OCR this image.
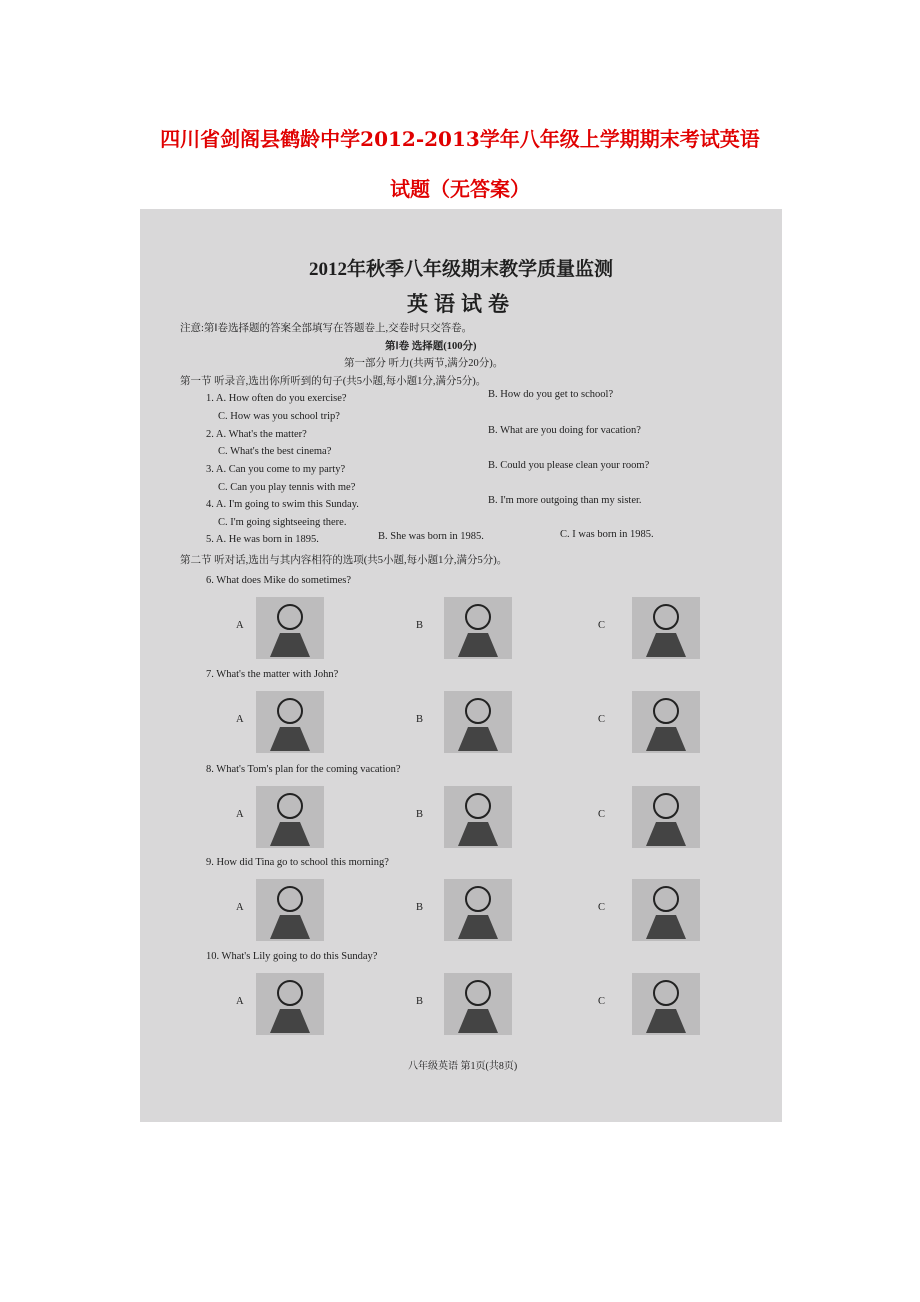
四川省剑阁县鹤龄中学2012-2013学年八年级上学期期末考试英语
试题（无答案）
2012年秋季八年级期末教学质量监测
英语试卷
注意:第Ⅰ卷选择题的答案全部填写在答题卷上,交卷时只交答卷。
第Ⅰ卷 选择题(100分)
第一部分 听力(共两节,满分20分)。
第一节 听录音,选出你所听到的句子(共5小题,每小题1分,满分5分)。
1. A. How often do you exercise?	B. How do you get to school?
C. How was you school trip?
2. A. What's the matter?	B. What are you doing for vacation?
C. What's the best cinema?
3. A. Can you come to my party?	B. Could you please clean your room?
C. Can you play tennis with me?
4. A. I'm going to swim this Sunday.	B. I'm more outgoing than my sister.
C. I'm going sightseeing there.
5. A. He was born in 1895.	B. She was born in 1985.	C. I was born in 1985.
第二节 听对话,选出与其内容相符的选项(共5小题,每小题1分,满分5分)。
八年级英语 第1页(共8页)
6. What does Mike do sometimes?
A	B	C
7. What's the matter with John?
A	B	C
8. What's Tom's plan for the coming vacation?
A	B	C
9. How did Tina go to school this morning?
A	B	C
10. What's Lily going to do this Sunday?
A	B	C
